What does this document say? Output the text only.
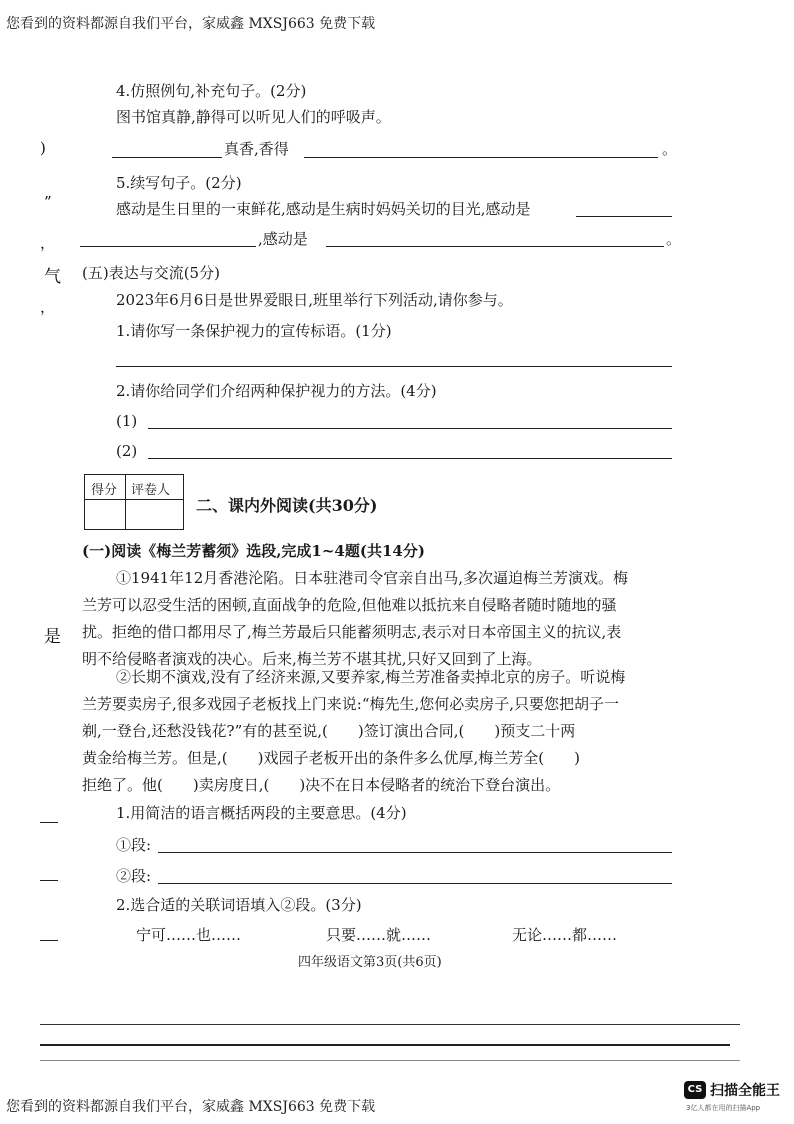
您看到的资料都源自我们平台，家威鑫 MXSJ663 免费下载
)
”
，
气
，
是
4.仿照例句,补充句子。(2分)
图书馆真静,静得可以听见人们的呼吸声。
真香,香得	。
5.续写句子。(2分)
感动是生日里的一束鲜花,感动是生病时妈妈关切的目光,感动是
,感动是	。
(五)表达与交流(5分)
2023年6月6日是世界爱眼日,班里举行下列活动,请你参与。
1.请你写一条保护视力的宣传标语。(1分)
2.请你给同学们介绍两种保护视力的方法。(4分)
(1)
(2)
得分 评卷人
二、课内外阅读(共30分)
(一)阅读《梅兰芳蓄须》选段,完成1~4题(共14分)
①1941年12月香港沦陷。日本驻港司令官亲自出马,多次逼迫梅兰芳演戏。梅
兰芳可以忍受生活的困顿,直面战争的危险,但他难以抵抗来自侵略者随时随地的骚
扰。拒绝的借口都用尽了,梅兰芳最后只能蓄须明志,表示对日本帝国主义的抗议,表
明不给侵略者演戏的决心。后来,梅兰芳不堪其扰,只好又回到了上海。
②长期不演戏,没有了经济来源,又要养家,梅兰芳准备卖掉北京的房子。听说梅
兰芳要卖房子,很多戏园子老板找上门来说:“梅先生,您何必卖房子,只要您把胡子一
剃,一登台,还愁没钱花?”有的甚至说,(　　)签订演出合同,(　　)预支二十两
黄金给梅兰芳。但是,(　　)戏园子老板开出的条件多么优厚,梅兰芳全(　　)
拒绝了。他(　　)卖房度日,(　　)决不在日本侵略者的统治下登台演出。
1.用简洁的语言概括两段的主要意思。(4分)
①段:
②段:
2.选合适的关联词语填入②段。(3分)
宁可……也……	只要……就……	无论……都……
四年级语文第3页(共6页)
您看到的资料都源自我们平台，家威鑫 MXSJ663 免费下载
CS 扫描全能王
3亿人都在用的扫描App
